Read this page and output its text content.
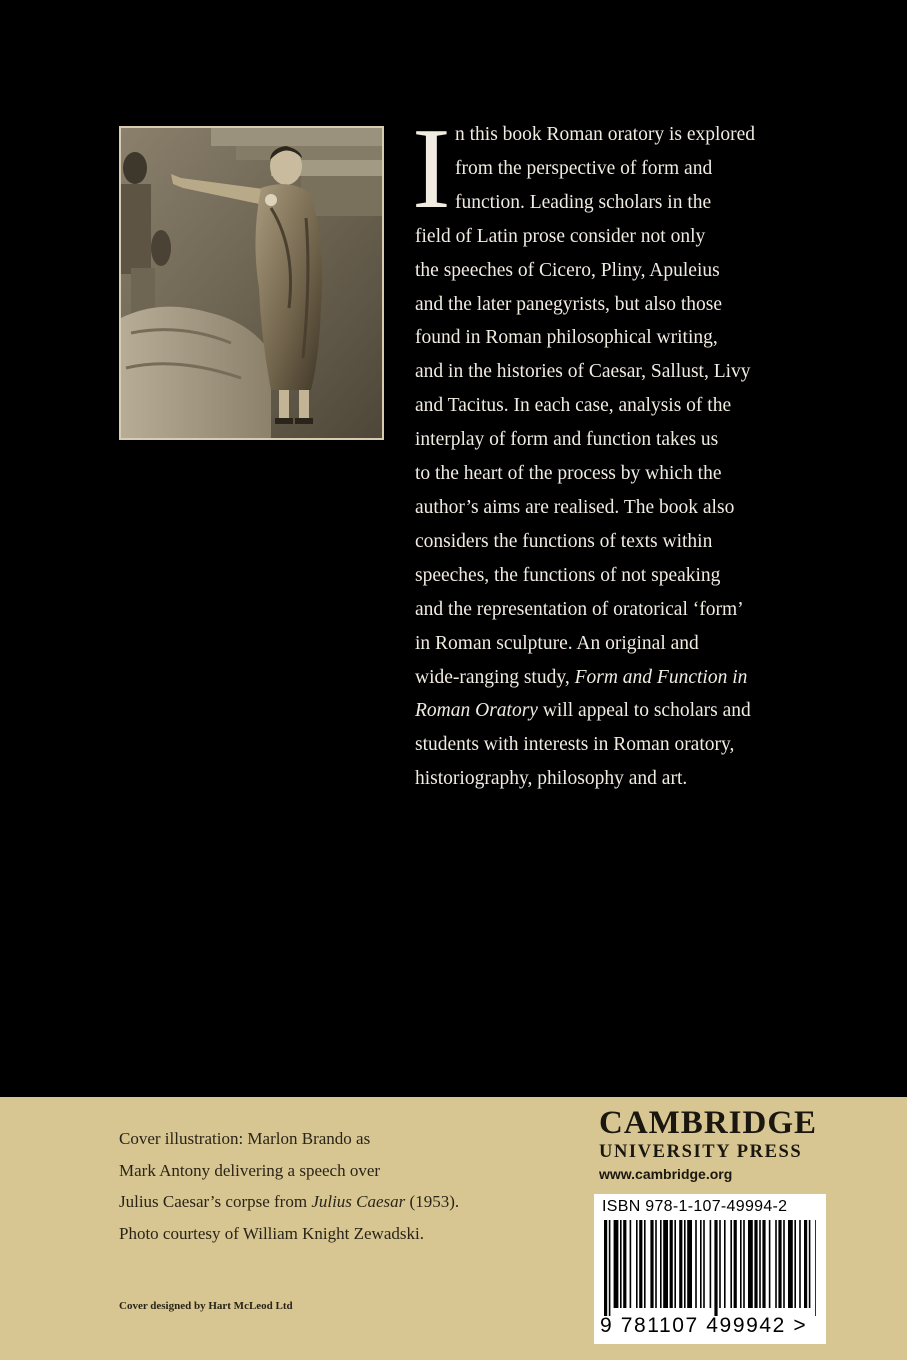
I n this book Roman oratory is explored
from the perspective of form and
function. Leading scholars in the
field of Latin prose consider not only
the speeches of Cicero, Pliny, Apuleius
and the later panegyrists, but also those
found in Roman philosophical writing,
and in the histories of Caesar, Sallust, Livy
and Tacitus. In each case, analysis of the
interplay of form and function takes us
to the heart of the process by which the
author’s aims are realised. The book also
considers the functions of texts within
speeches, the functions of not speaking
and the representation of oratorical ‘form’
in Roman sculpture. An original and
wide-ranging study, Form and Function in
Roman Oratory will appeal to scholars and
students with interests in Roman oratory,
historiography, philosophy and art.
Cover illustration: Marlon Brando as
Mark Antony delivering a speech over
Julius Caesar’s corpse from Julius Caesar (1953).
Photo courtesy of William Knight Zewadski.
Cover designed by Hart McLeod Ltd
CAMBRIDGE
UNIVERSITY PRESS
www.cambridge.org
ISBN 978-1-107-49994-2
9 781107 499942 >
